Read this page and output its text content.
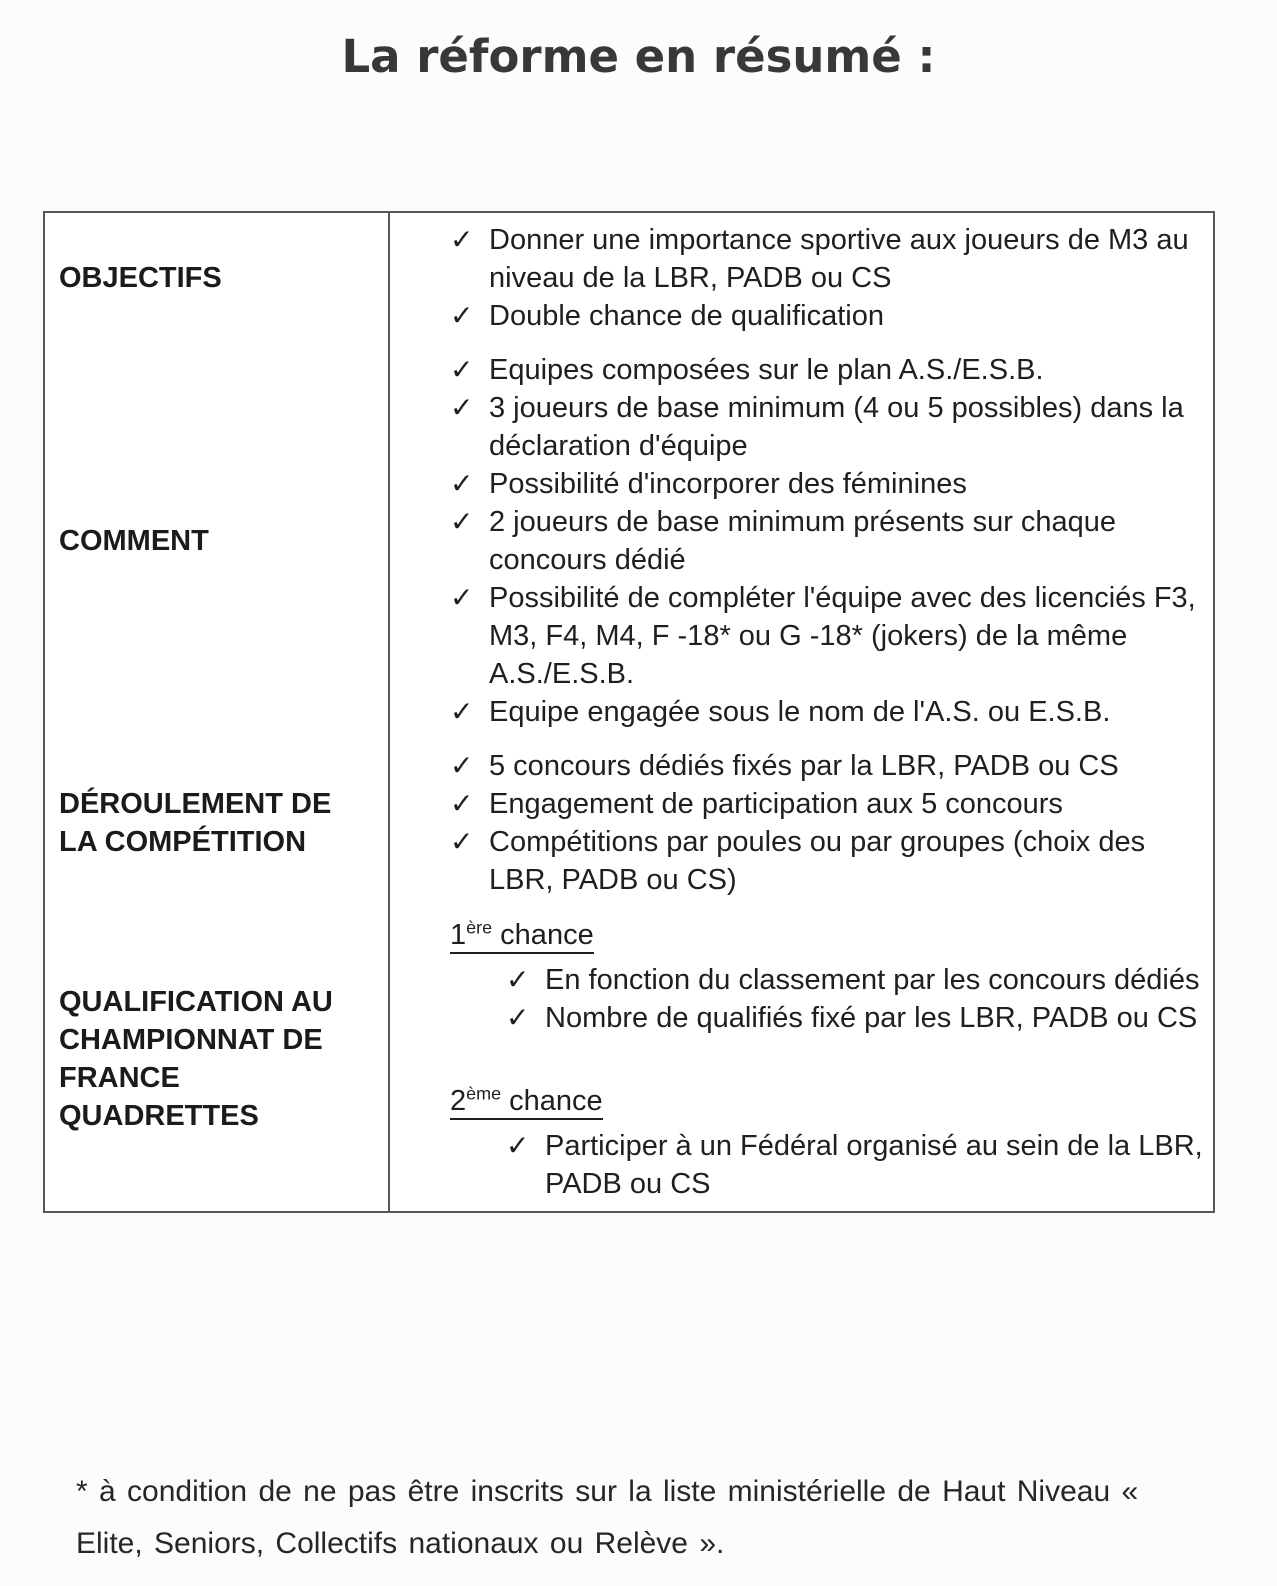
La réforme en résumé :
OBJECTIFS
✓ Donner une importance sportive aux joueurs de M3 au niveau de la LBR, PADB ou CS
✓ Double chance de qualification
COMMENT
✓ Equipes composées sur le plan A.S./E.S.B.
✓ 3 joueurs de base minimum (4 ou 5 possibles) dans la déclaration d'équipe
✓ Possibilité d'incorporer des féminines
✓ 2 joueurs de base minimum présents sur chaque concours dédié
✓ Possibilité de compléter l'équipe avec des licenciés F3, M3, F4, M4, F -18* ou G -18* (jokers) de la même A.S./E.S.B.
✓ Equipe engagée sous le nom de l'A.S. ou E.S.B.
DÉROULEMENT DE
LA COMPÉTITION
✓ 5 concours dédiés fixés par la LBR, PADB ou CS
✓ Engagement de participation aux 5 concours
✓ Compétitions par poules ou par groupes (choix des LBR, PADB ou CS)
QUALIFICATION AU
CHAMPIONNAT DE
FRANCE
QUADRETTES
1ère chance
✓ En fonction du classement par les concours dédiés
✓ Nombre de qualifiés fixé par les LBR, PADB ou CS
2ème chance
✓ Participer à un Fédéral organisé au sein de la LBR, PADB ou CS
* à condition de ne pas être inscrits sur la liste ministérielle de Haut Niveau « Elite, Seniors, Collectifs nationaux ou Relève ».
